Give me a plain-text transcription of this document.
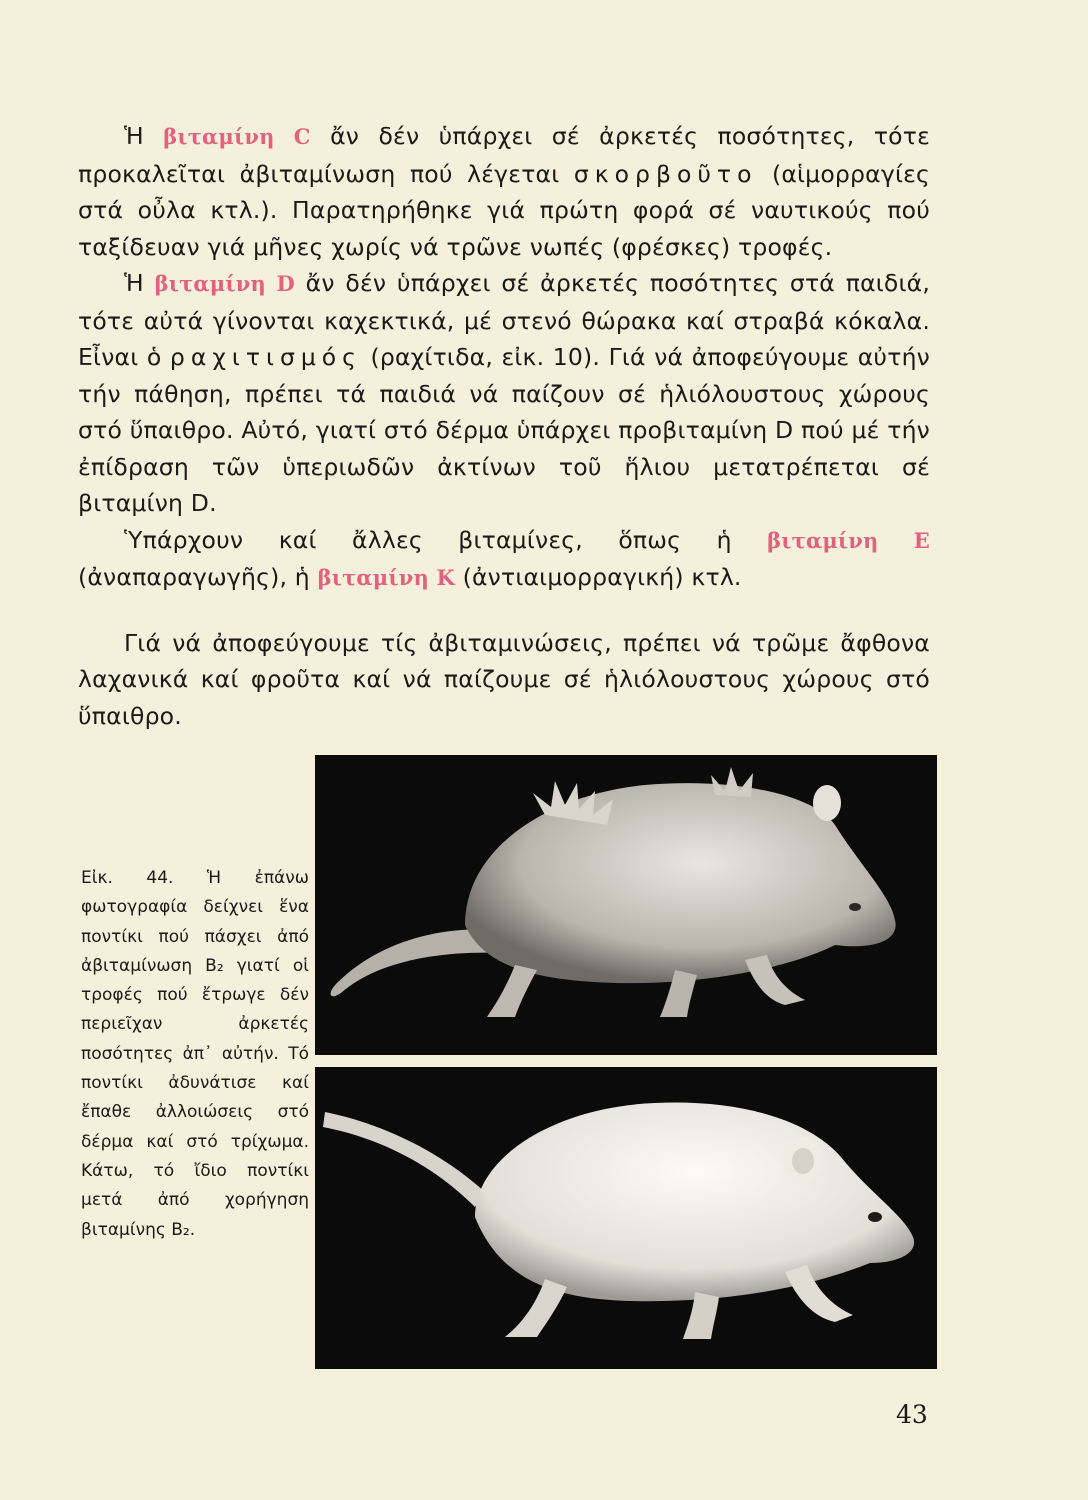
Ἡ βιταμίνη C ἄν δέν ὑπάρχει σέ ἀρκετές ποσότητες, τότε προκαλεῖται ἀβιταμίνωση πού λέγεται σκορβοῦτο (αἱμορραγίες στά οὖλα κτλ.). Παρατηρήθηκε γιά πρώτη φορά σέ ναυτικούς πού ταξίδευαν γιά μῆνες χωρίς νά τρῶνε νωπές (φρέσκες) τροφές.

Ἡ βιταμίνη D ἄν δέν ὑπάρχει σέ ἀρκετές ποσότητες στά παιδιά, τότε αὐτά γίνονται καχεκτικά, μέ στενό θώρακα καί στραβά κόκαλα. Εἶναι ὁ ραχιτισμός (ραχίτιδα, εἰκ. 10). Γιά νά ἀποφεύγουμε αὐτήν τήν πάθηση, πρέπει τά παιδιά νά παίζουν σέ ἡλιόλουστους χώρους στό ὕπαιθρο. Αὐτό, γιατί στό δέρμα ὑπάρχει προβιταμίνη D πού μέ τήν ἐπίδραση τῶν ὑπεριωδῶν ἀκτίνων τοῦ ἥλιου μετατρέπεται σέ βιταμίνη D.

Ὑπάρχουν καί ἄλλες βιταμίνες, ὅπως ἡ βιταμίνη Ε (ἀναπαραγωγῆς), ἡ βιταμίνη Κ (ἀντιαιμορραγική) κτλ.

Γιά νά ἀποφεύγουμε τίς ἀβιταμινώσεις, πρέπει νά τρῶμε ἄφθονα λαχανικά καί φροῦτα καί νά παίζουμε σέ ἡλιόλουστους χώρους στό ὕπαιθρο.

Εἰκ. 44. Ἡ ἐπάνω φωτογραφία δείχνει ἕνα ποντίκι πού πάσχει ἀπό ἀβιταμίνωση B₂ γιατί οἱ τροφές πού ἔτρωγε δέν περιεῖχαν ἀρκετές ποσότητες ἀπ᾽ αὐτήν. Τό ποντίκι ἀδυνάτισε καί ἔπαθε ἀλλοιώσεις στό δέρμα καί στό τρίχωμα. Κάτω, τό ἴδιο ποντίκι μετά ἀπό χορήγηση βιταμίνης B₂.
43
